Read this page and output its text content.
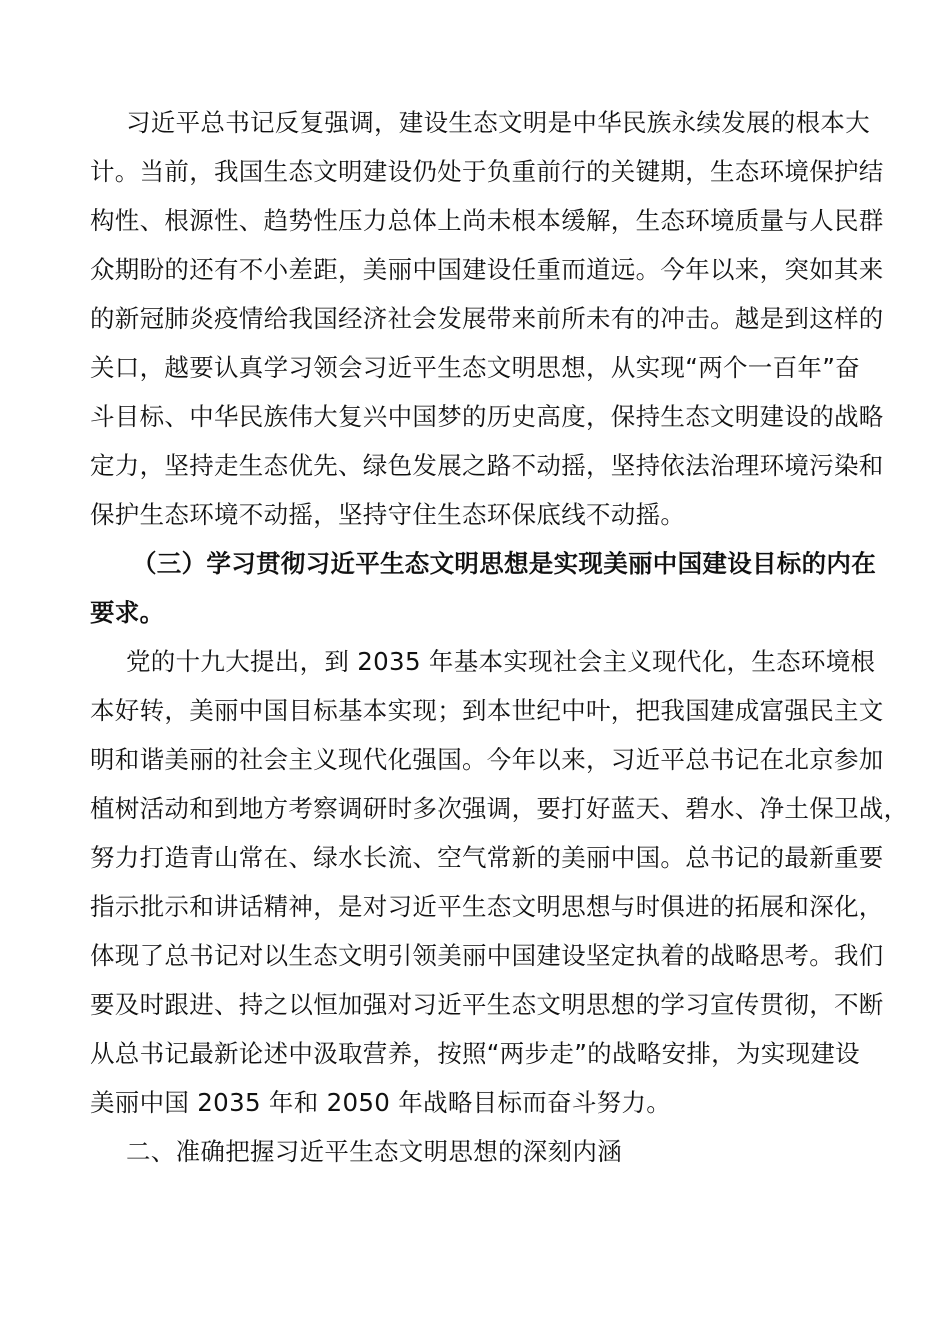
习近平总书记反复强调，建设生态文明是中华民族永续发展的根本大
计。当前，我国生态文明建设仍处于负重前行的关键期，生态环境保护结
构性、根源性、趋势性压力总体上尚未根本缓解，生态环境质量与人民群
众期盼的还有不小差距，美丽中国建设任重而道远。今年以来，突如其来
的新冠肺炎疫情给我国经济社会发展带来前所未有的冲击。越是到这样的
关口，越要认真学习领会习近平生态文明思想，从实现“两个一百年”奋
斗目标、中华民族伟大复兴中国梦的历史高度，保持生态文明建设的战略
定力，坚持走生态优先、绿色发展之路不动摇，坚持依法治理环境污染和
保护生态环境不动摇，坚持守住生态环保底线不动摇。
（三）学习贯彻习近平生态文明思想是实现美丽中国建设目标的内在
要求。
党的十九大提出，到 2035 年基本实现社会主义现代化，生态环境根
本好转，美丽中国目标基本实现；到本世纪中叶，把我国建成富强民主文
明和谐美丽的社会主义现代化强国。今年以来，习近平总书记在北京参加
植树活动和到地方考察调研时多次强调，要打好蓝天、碧水、净土保卫战，
努力打造青山常在、绿水长流、空气常新的美丽中国。总书记的最新重要
指示批示和讲话精神，是对习近平生态文明思想与时俱进的拓展和深化，
体现了总书记对以生态文明引领美丽中国建设坚定执着的战略思考。我们
要及时跟进、持之以恒加强对习近平生态文明思想的学习宣传贯彻，不断
从总书记最新论述中汲取营养，按照“两步走”的战略安排，为实现建设
美丽中国 2035 年和 2050 年战略目标而奋斗努力。
二、准确把握习近平生态文明思想的深刻内涵
